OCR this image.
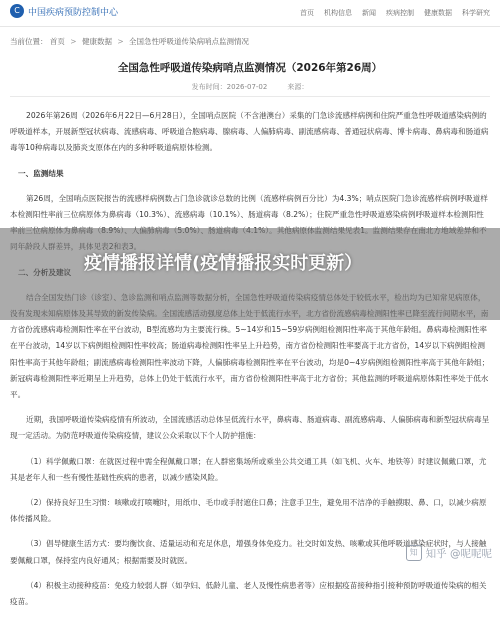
C 中国疾病预防控制中心	首页 机构信息 新闻 疾病控制 健康数据 科学研究
当前位置： 首页 > 健康数据 > 全国急性呼吸道传染病哨点监测情况
全国急性呼吸道传染病哨点监测情况（2026年第26周）
发布时间：2026-07-02	来源：

2026年第26周（2026年6月22日—6月28日），全国哨点医院（不含港澳台）采集的门急诊流感样病例和住院严重急性呼吸道感染病例的呼吸道样本，开展新型冠状病毒、流感病毒、呼吸道合胞病毒、腺病毒、人偏肺病毒、副流感病毒、普通冠状病毒、博卡病毒、鼻病毒和肠道病毒等10种病毒以及肺炎支原体在内的多种呼吸道病原体检测。

一、监测结果

第26周，全国哨点医院报告的流感样病例数占门急诊就诊总数的比例（流感样病例百分比）为4.3%；哨点医院门急诊流感样病例呼吸道样本检测阳性率前三位病原体为鼻病毒（10.3%）、流感病毒（10.1%）、肠道病毒（8.2%）；住院严重急性呼吸道感染病例呼吸道样本检测阳性

方省份流感病毒检测阳性率在平台波动，B型流感均为主要流行株。5~14岁和15~59岁病例组检测阳性率高于其他年龄组。鼻病毒检测阳性率在平台波动，14岁以下病例组检测阳性率较高；肠道病毒检测阳性率呈上升趋势，南方省份检测阳性率要高于北方省份，14岁以下病例组检测阳性率高于其他年龄组；副流感病毒检测阳性率波动下降，人偏肺病毒检测阳性率在平台波动，均是0~4岁病例组检测阳性率高于其他年龄组；新冠病毒检测阳性率近期呈上升趋势，总体上仍处于低流行水平，南方省份检测阳性率高于北方省份；其他监测的呼吸道病原体阳性率处于低水平。

近期，我国呼吸道传染病疫情有所波动，全国流感活动总体呈低流行水平，鼻病毒、肠道病毒、副流感病毒、人偏肺病毒和新型冠状病毒呈现一定活动。为防范呼吸道传染病疫情，建议公众采取以下个人防护措施：

（1）科学佩戴口罩：在就医过程中需全程佩戴口罩；在人群密集场所或乘坐公共交通工具（如飞机、火车、地铁等）时建议佩戴口罩，尤其是老年人和一些有慢性基础性疾病的患者，以减少感染风险。

（2）保持良好卫生习惯：咳嗽或打喷嚏时，用纸巾、毛巾或手肘遮住口鼻；注意手卫生，避免用不洁净的手触摸眼、鼻、口，以减少病原体传播风险。

（3）倡导健康生活方式：要均衡饮食、适量运动和充足休息，增强身体免疫力。社交时如发热、咳嗽或其他呼吸道感染症状时，与人接触要佩戴口罩，保持室内良好通风；根据需要及时就医。

（4）积极主动接种疫苗：免疫力较弱人群（如孕妇、低龄儿童、老人及慢性病患者等）应根据疫苗接种指引接种预防呼吸道传染病的相关疫苗。

疫情播报详情(疫情播报实时更新）
知 知乎 @呢呢呢
